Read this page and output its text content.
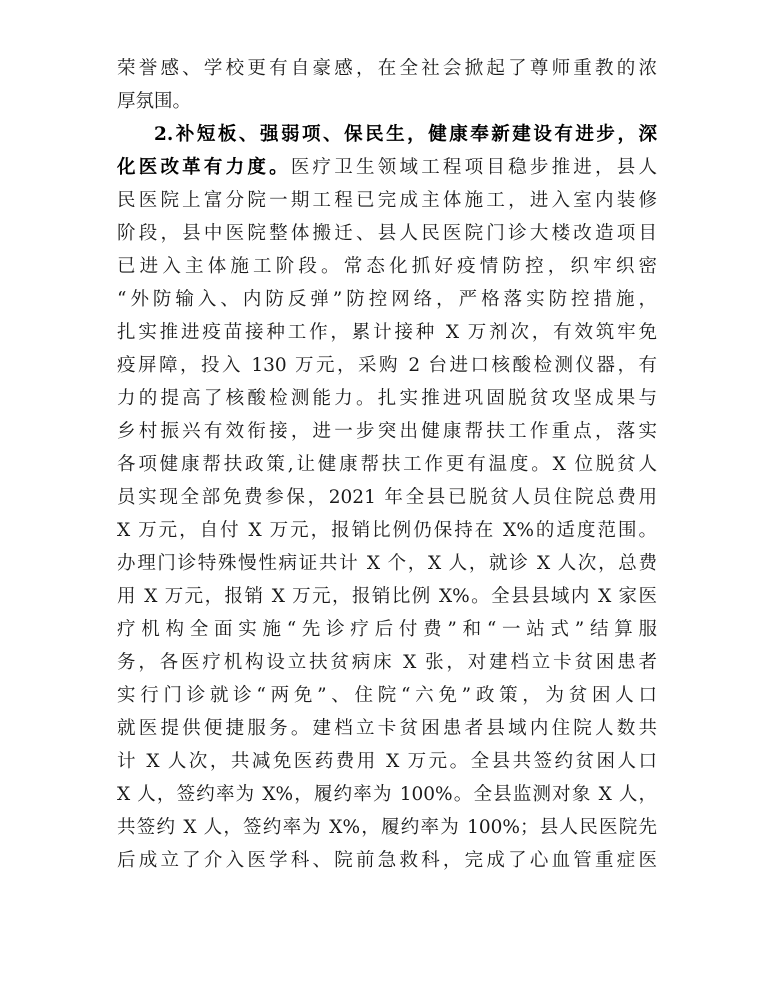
荣誉感、学校更有自豪感，在全社会掀起了尊师重教的浓
厚氛围。
2.补短板、强弱项、保民生，健康奉新建设有进步，深
化医改革有力度。医疗卫生领域工程项目稳步推进，县人
民医院上富分院一期工程已完成主体施工，进入室内装修
阶段，县中医院整体搬迁、县人民医院门诊大楼改造项目
已进入主体施工阶段。常态化抓好疫情防控，织牢织密
“外防输入、内防反弹”防控网络，严格落实防控措施，
扎实推进疫苗接种工作，累计接种 X 万剂次，有效筑牢免
疫屏障，投入 130 万元，采购 2 台进口核酸检测仪器，有
力的提高了核酸检测能力。扎实推进巩固脱贫攻坚成果与
乡村振兴有效衔接，进一步突出健康帮扶工作重点，落实
各项健康帮扶政策,让健康帮扶工作更有温度。X 位脱贫人
员实现全部免费参保，2021 年全县已脱贫人员住院总费用
X 万元，自付 X 万元，报销比例仍保持在 X%的适度范围。
办理门诊特殊慢性病证共计 X 个，X 人，就诊 X 人次，总费
用 X 万元，报销 X 万元，报销比例 X%。全县县域内 X 家医
疗机构全面实施“先诊疗后付费”和“一站式”结算服
务，各医疗机构设立扶贫病床 X 张，对建档立卡贫困患者
实行门诊就诊“两免”、住院“六免”政策，为贫困人口
就医提供便捷服务。建档立卡贫困患者县域内住院人数共
计 X 人次，共减免医药费用 X 万元。全县共签约贫困人口
X 人，签约率为 X%，履约率为 100%。全县监测对象 X 人，
共签约 X 人，签约率为 X%，履约率为 100%；县人民医院先
后成立了介入医学科、院前急救科，完成了心血管重症医
